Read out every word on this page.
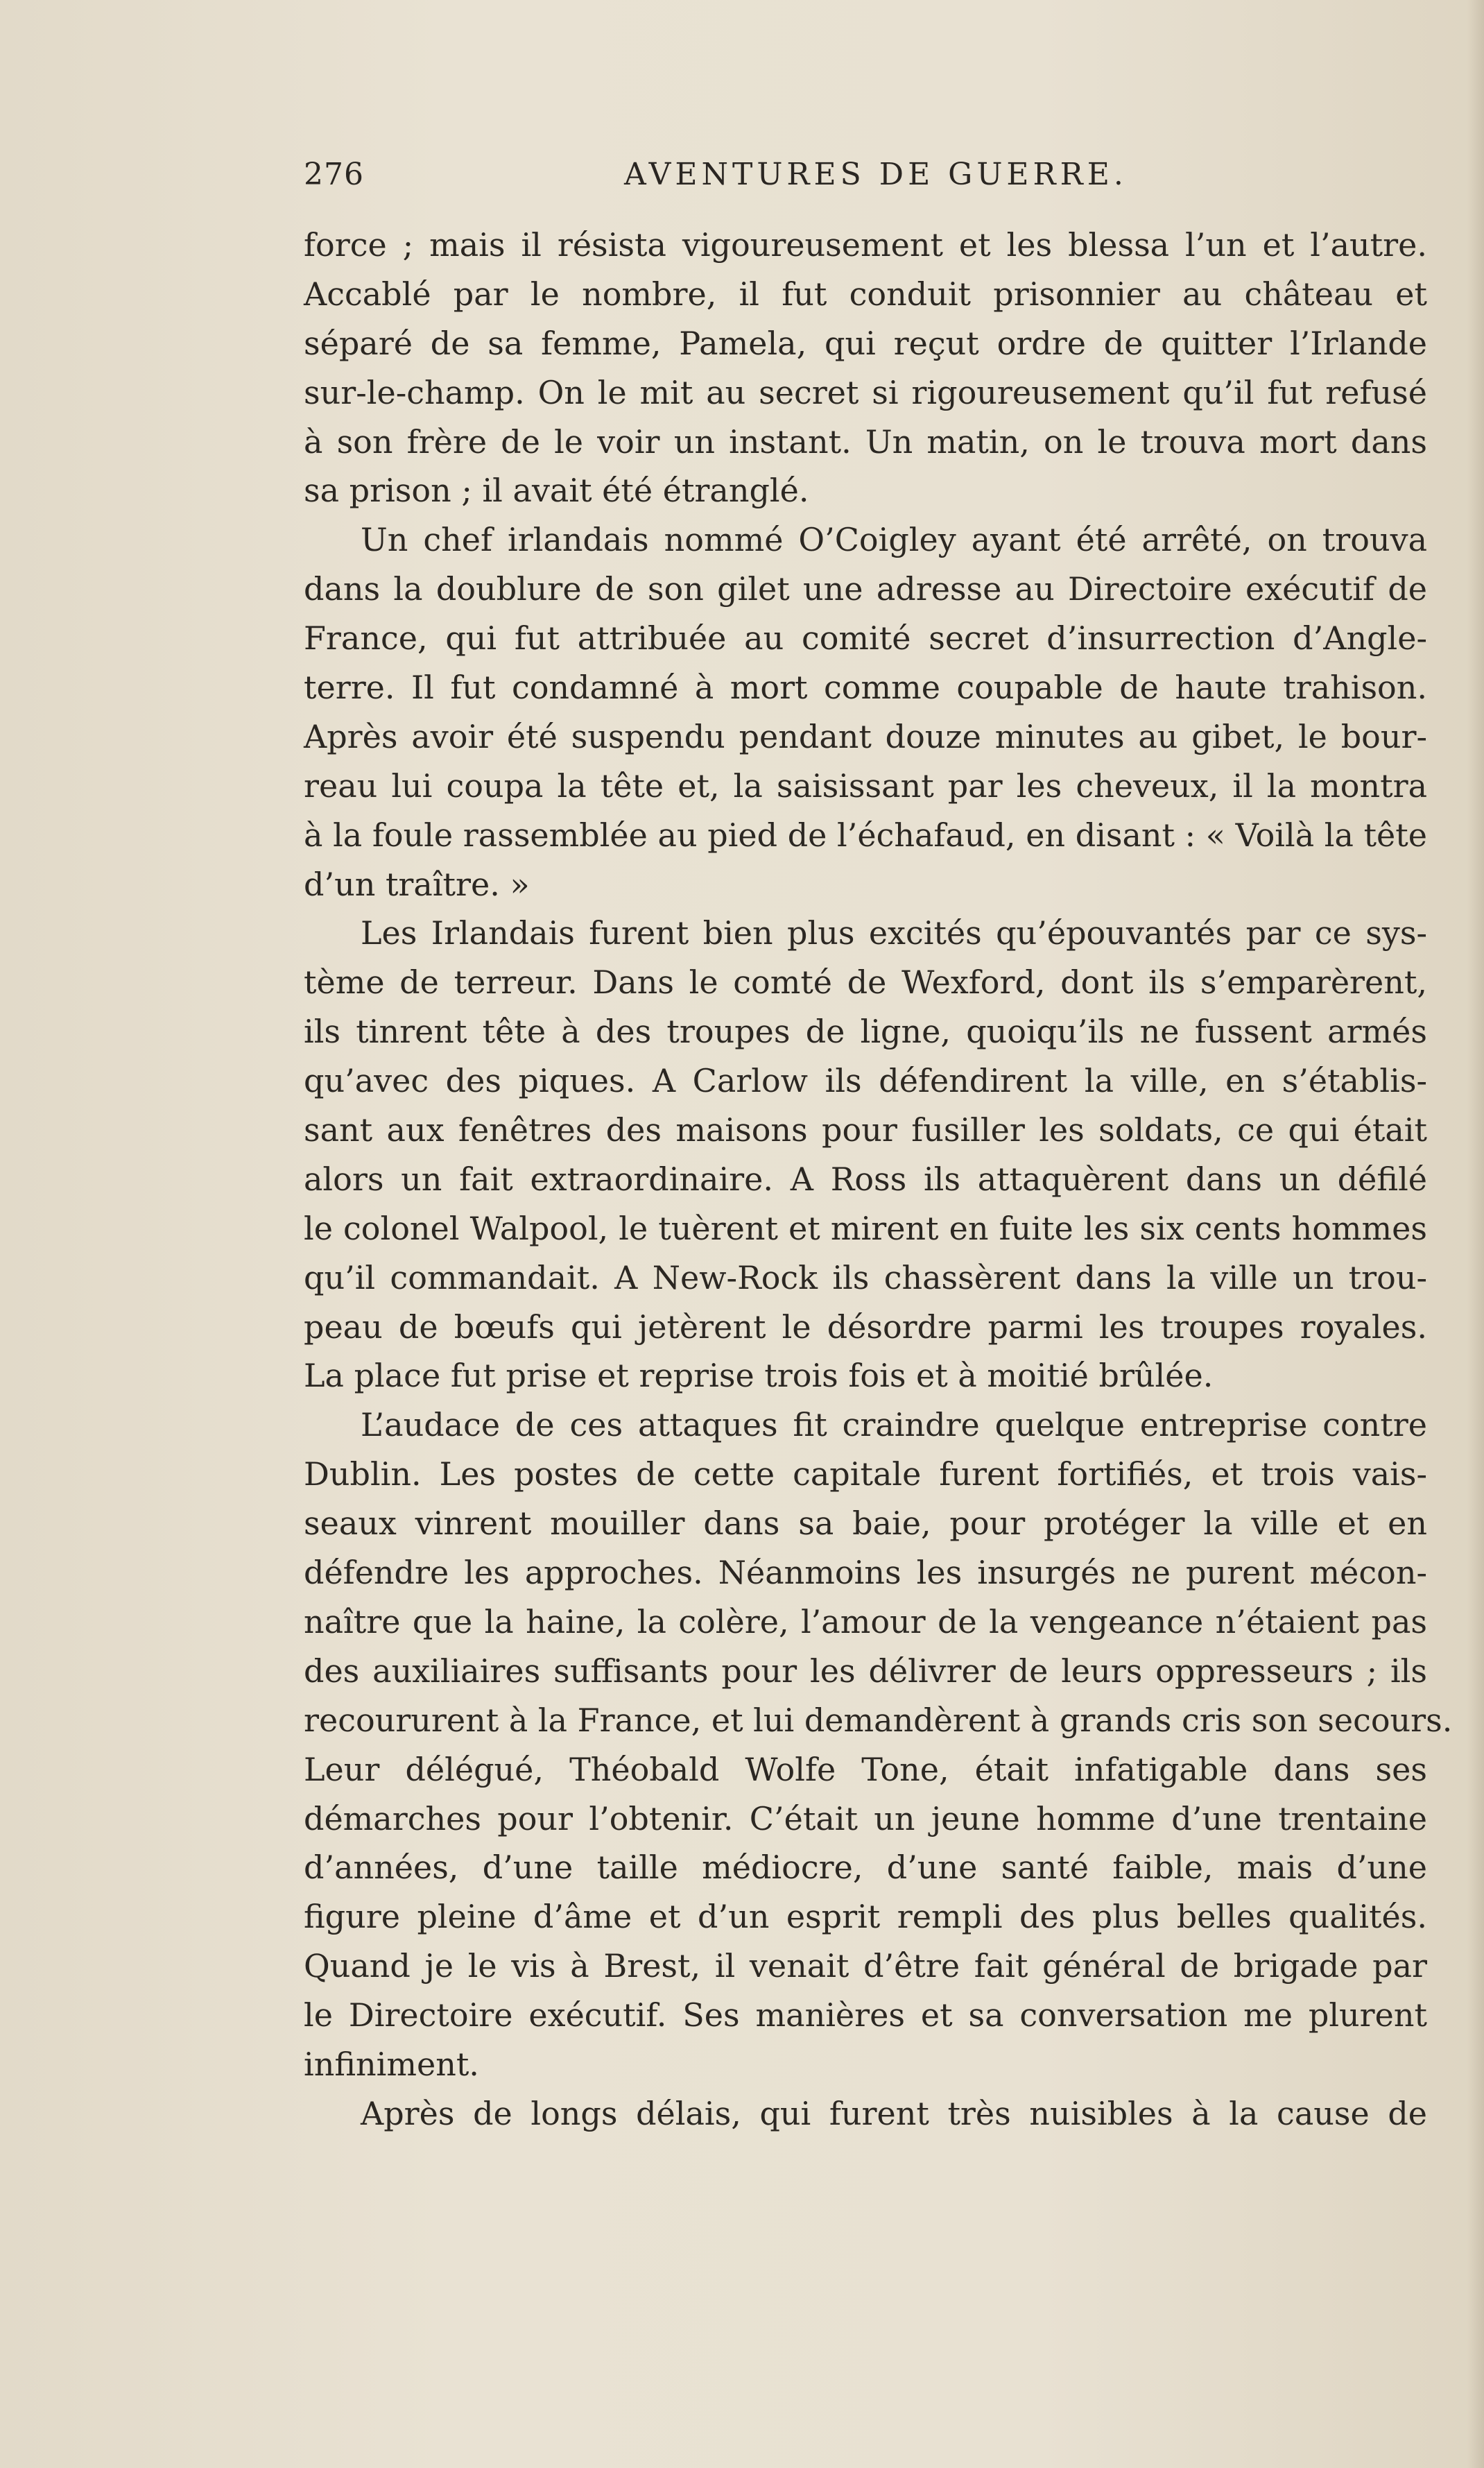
276	AVENTURES DE GUERRE.
force ; mais il résista vigoureusement et les blessa l’un et l’autre.
Accablé par le nombre, il fut conduit prisonnier au château et
séparé de sa femme, Pamela, qui reçut ordre de quitter l’Irlande
sur-le-champ. On le mit au secret si rigoureusement qu’il fut refusé
à son frère de le voir un instant. Un matin, on le trouva mort dans
sa prison ; il avait été étranglé.
Un chef irlandais nommé O’Coigley ayant été arrêté, on trouva
dans la doublure de son gilet une adresse au Directoire exécutif de
France, qui fut attribuée au comité secret d’insurrection d’Angle-
terre. Il fut condamné à mort comme coupable de haute trahison.
Après avoir été suspendu pendant douze minutes au gibet, le bour-
reau lui coupa la tête et, la saisissant par les cheveux, il la montra
à la foule rassemblée au pied de l’échafaud, en disant : « Voilà la tête
d’un traître. »
Les Irlandais furent bien plus excités qu’épouvantés par ce sys-
tème de terreur. Dans le comté de Wexford, dont ils s’emparèrent,
ils tinrent tête à des troupes de ligne, quoiqu’ils ne fussent armés
qu’avec des piques. A Carlow ils défendirent la ville, en s’établis-
sant aux fenêtres des maisons pour fusiller les soldats, ce qui était
alors un fait extraordinaire. A Ross ils attaquèrent dans un défilé
le colonel Walpool, le tuèrent et mirent en fuite les six cents hommes
qu’il commandait. A New-Rock ils chassèrent dans la ville un trou-
peau de bœufs qui jetèrent le désordre parmi les troupes royales.
La place fut prise et reprise trois fois et à moitié brûlée.
L’audace de ces attaques fit craindre quelque entreprise contre
Dublin. Les postes de cette capitale furent fortifiés, et trois vais-
seaux vinrent mouiller dans sa baie, pour protéger la ville et en
défendre les approches. Néanmoins les insurgés ne purent mécon-
naître que la haine, la colère, l’amour de la vengeance n’étaient pas
des auxiliaires suffisants pour les délivrer de leurs oppresseurs ; ils
recoururent à la France, et lui demandèrent à grands cris son secours.
Leur délégué, Théobald Wolfe Tone, était infatigable dans ses
démarches pour l’obtenir. C’était un jeune homme d’une trentaine
d’années, d’une taille médiocre, d’une santé faible, mais d’une
figure pleine d’âme et d’un esprit rempli des plus belles qualités.
Quand je le vis à Brest, il venait d’être fait général de brigade par
le Directoire exécutif. Ses manières et sa conversation me plurent
infiniment.
Après de longs délais, qui furent très nuisibles à la cause de
